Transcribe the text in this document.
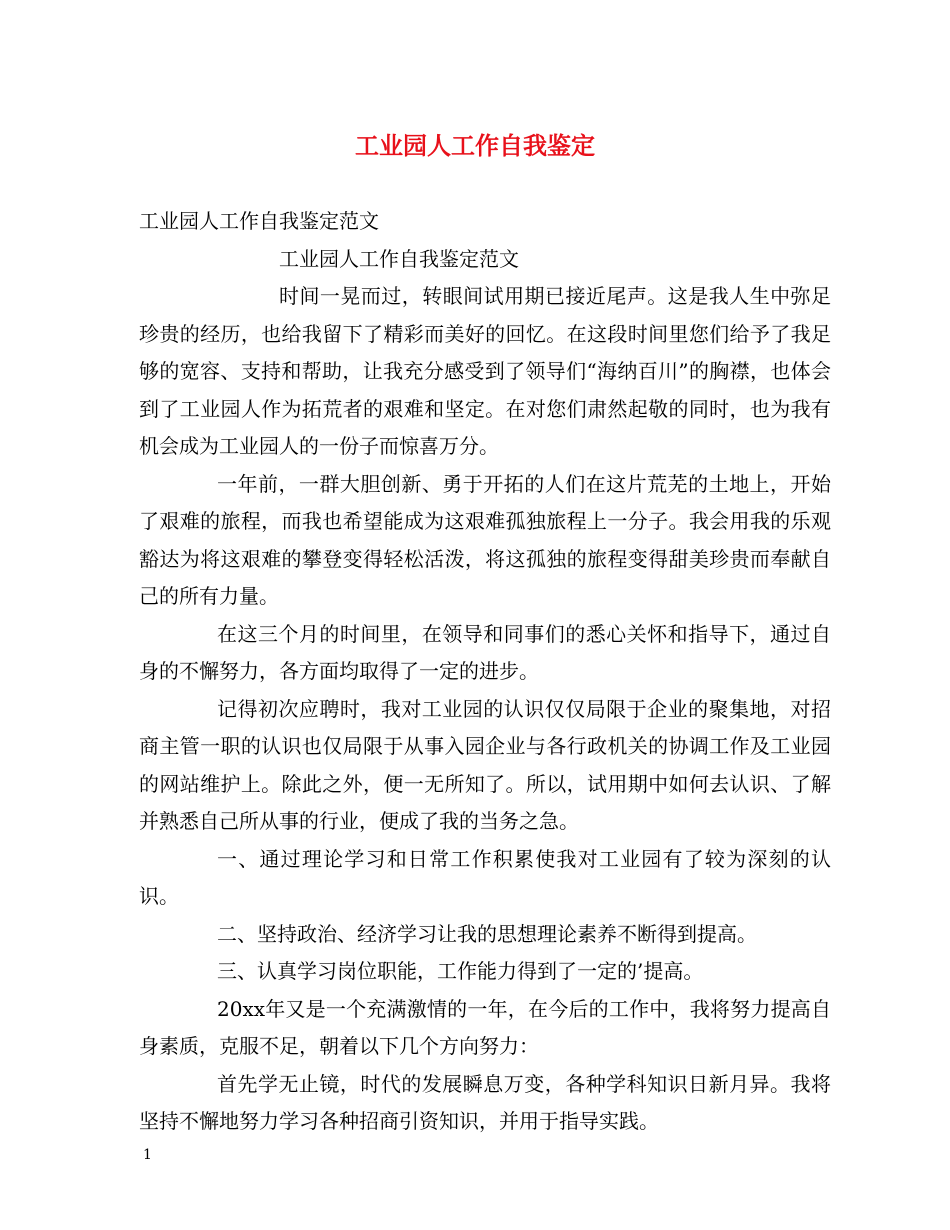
工业园人工作自我鉴定

工业园人工作自我鉴定范文

工业园人工作自我鉴定范文

时间一晃而过，转眼间试用期已接近尾声。这是我人生中弥足珍贵的经历，也给我留下了精彩而美好的回忆。在这段时间里您们给予了我足够的宽容、支持和帮助，让我充分感受到了领导们“海纳百川”的胸襟，也体会到了工业园人作为拓荒者的艰难和坚定。在对您们肃然起敬的同时，也为我有机会成为工业园人的一份子而惊喜万分。

一年前，一群大胆创新、勇于开拓的人们在这片荒芜的土地上，开始了艰难的旅程，而我也希望能成为这艰难孤独旅程上一分子。我会用我的乐观豁达为将这艰难的攀登变得轻松活泼，将这孤独的旅程变得甜美珍贵而奉献自己的所有力量。

在这三个月的时间里，在领导和同事们的悉心关怀和指导下，通过自身的不懈努力，各方面均取得了一定的进步。

记得初次应聘时，我对工业园的认识仅仅局限于企业的聚集地，对招商主管一职的认识也仅局限于从事入园企业与各行政机关的协调工作及工业园的网站维护上。除此之外，便一无所知了。所以，试用期中如何去认识、了解并熟悉自己所从事的行业，便成了我的当务之急。

一、通过理论学习和日常工作积累使我对工业园有了较为深刻的认识。

二、坚持政治、经济学习让我的思想理论素养不断得到提高。

三、认真学习岗位职能，工作能力得到了一定的’提高。

20xx年又是一个充满激情的一年，在今后的工作中，我将努力提高自身素质，克服不足，朝着以下几个方向努力：

首先学无止镜，时代的发展瞬息万变，各种学科知识日新月异。我将坚持不懈地努力学习各种招商引资知识，并用于指导实践。

1
